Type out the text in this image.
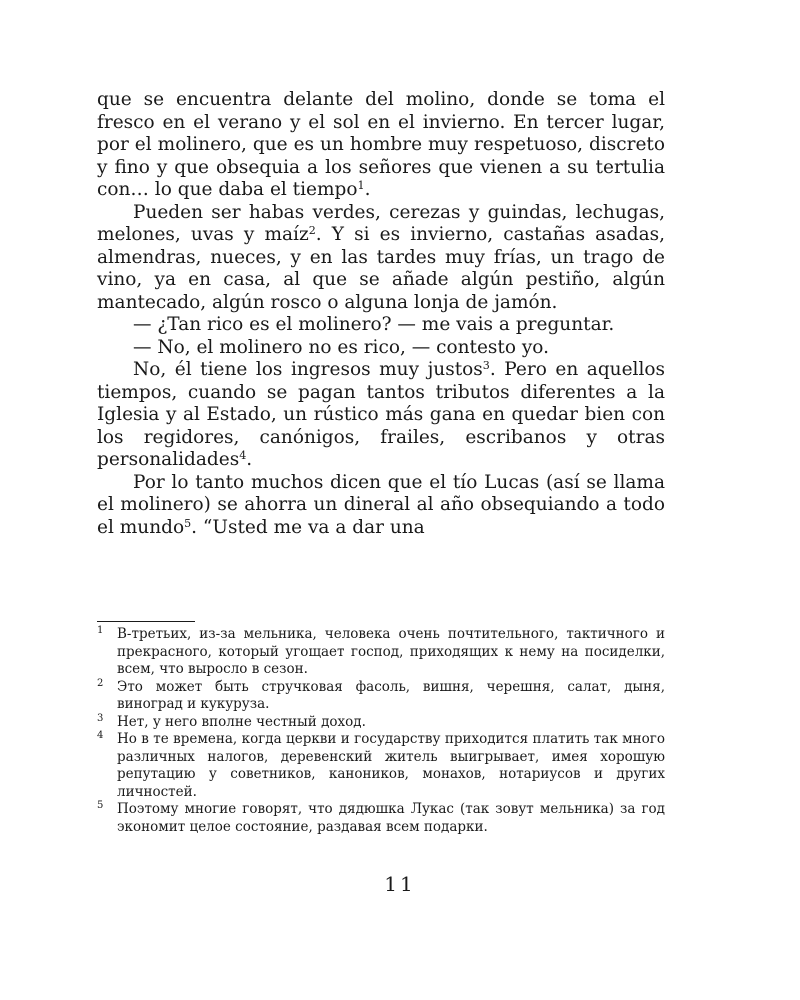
que se encuentra delante del molino, donde se toma el fresco en el verano y el sol en el invierno. En tercer lugar, por el molinero, que es un hombre muy respetuoso, discreto y fino y que obsequia a los señores que vienen a su tertulia con… lo que daba el tiempo$^1$.

Pueden ser habas verdes, cerezas y guindas, lechugas, melones, uvas y maíz$^2$. Y si es invierno, castañas asadas, almendras, nueces, y en las tardes muy frías, un trago de vino, ya en casa, al que se añade algún pestiño, algún mantecado, algún rosco o alguna lonja de jamón.

— ¿Tan rico es el molinero? — me vais a preguntar.

— No, el molinero no es rico, — contesto yo.

No, él tiene los ingresos muy justos$^3$. Pero en aquellos tiempos, cuando se pagan tantos tributos diferentes a la Iglesia y al Estado, un rústico más gana en quedar bien con los regidores, canónigos, frailes, escribanos y otras personalidades$^4$.

Por lo tanto muchos dicen que el tío Lucas (así se llama el molinero) se ahorra un dineral al año obsequiando a todo el mundo$^5$. “Usted me va a dar una

1 В-третьих, из-за мельника, человека очень почтительного, тактичного и прекрасного, который угощает господ, приходящих к нему на посиделки, всем, что выросло в сезон.
2 Это может быть стручковая фасоль, вишня, черешня, салат, дыня, виноград и кукуруза.
3 Нет, у него вполне честный доход.
4 Но в те времена, когда церкви и государству приходится платить так много различных налогов, деревенский житель выигрывает, имея хорошую репутацию у советников, каноников, монахов, нотариусов и других личностей.
5 Поэтому многие говорят, что дядюшка Лукас (так зовут мельника) за год экономит целое состояние, раздавая всем подарки.
11
